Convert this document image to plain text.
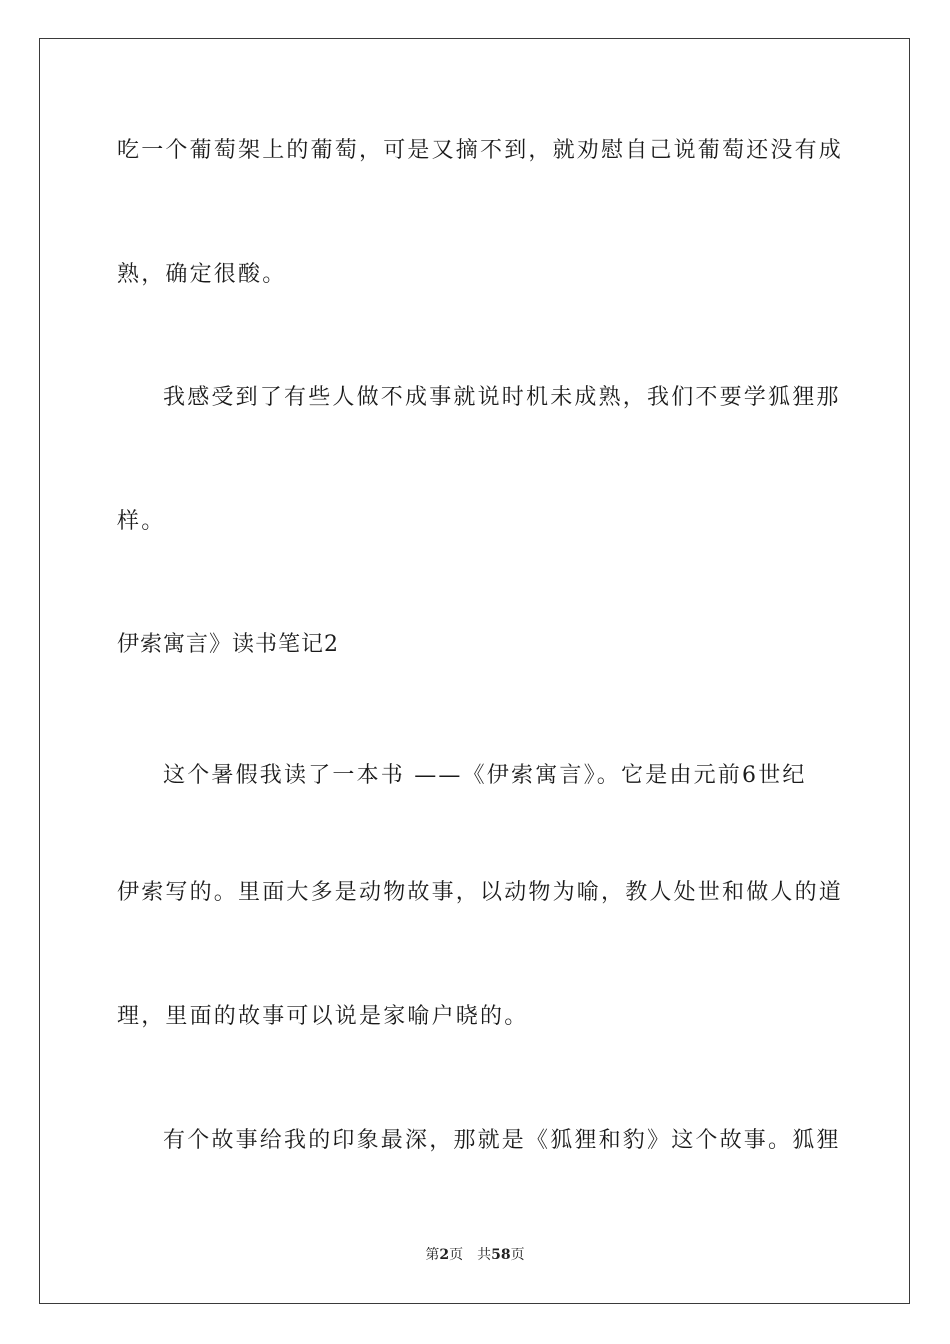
吃一个葡萄架上的葡萄，可是又摘不到，就劝慰自己说葡萄还没有成
熟，确定很酸。
我感受到了有些人做不成事就说时机未成熟，我们不要学狐狸那
样。
伊索寓言》读书笔记2
这个暑假我读了一本书 ——《伊索寓言》。它是由元前6世纪
伊索写的。里面大多是动物故事，以动物为喻，教人处世和做人的道
理，里面的故事可以说是家喻户晓的。
有个故事给我的印象最深，那就是《狐狸和豹》这个故事。狐狸
第2页 共58页
